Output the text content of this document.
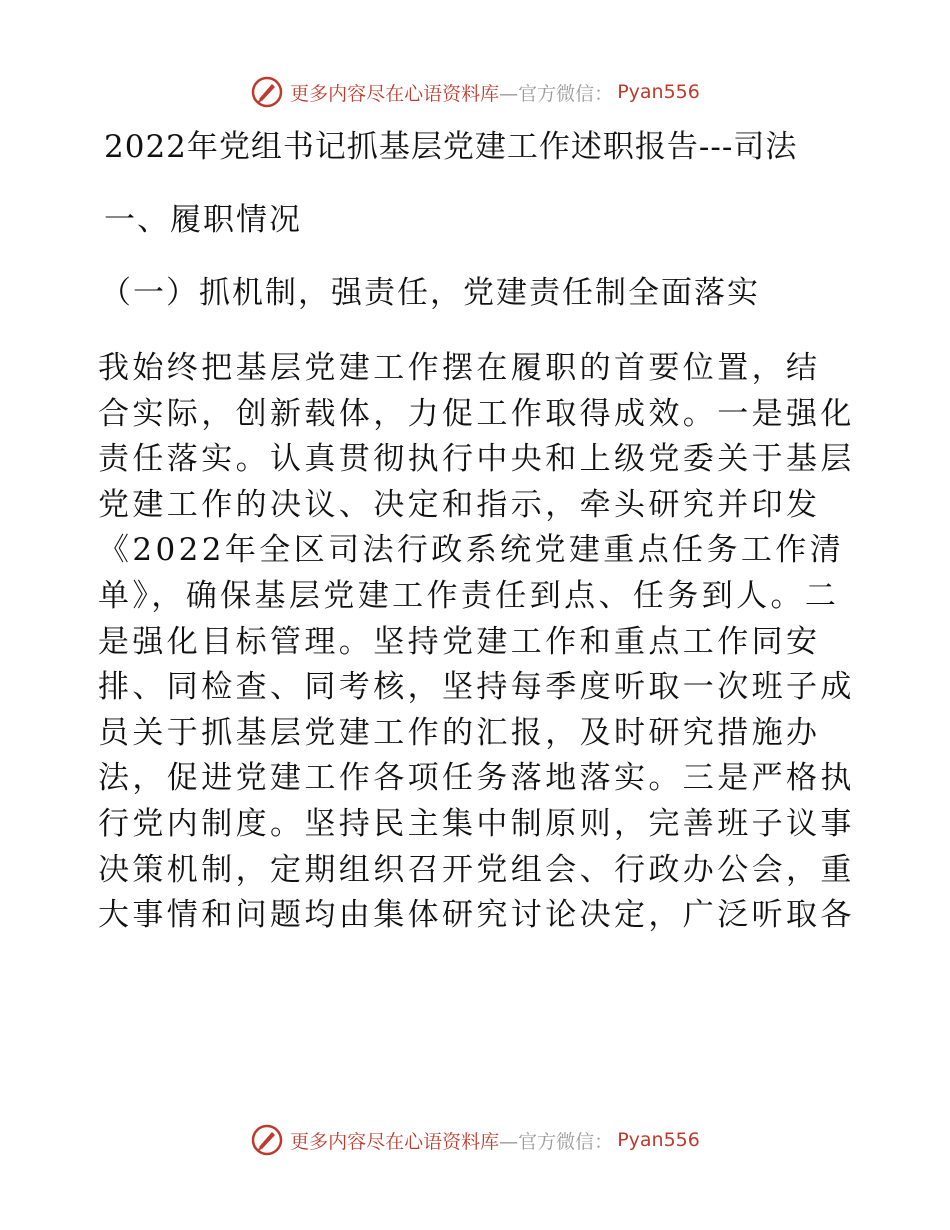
更多内容尽在心语资料库 —官方微信： Pyan556
2022年党组书记抓基层党建工作述职报告---司法
一、履职情况
（一）抓机制，强责任，党建责任制全面落实
我始终把基层党建工作摆在履职的首要位置，结
合实际，创新载体，力促工作取得成效。一是强化
责任落实。认真贯彻执行中央和上级党委关于基层
党建工作的决议、决定和指示，牵头研究并印发
《2022年全区司法行政系统党建重点任务工作清
单》，确保基层党建工作责任到点、任务到人。二
是强化目标管理。坚持党建工作和重点工作同安
排、同检查、同考核，坚持每季度听取一次班子成
员关于抓基层党建工作的汇报，及时研究措施办
法，促进党建工作各项任务落地落实。三是严格执
行党内制度。坚持民主集中制原则，完善班子议事
决策机制，定期组织召开党组会、行政办公会，重
大事情和问题均由集体研究讨论决定，广泛听取各
更多内容尽在心语资料库 —官方微信： Pyan556
